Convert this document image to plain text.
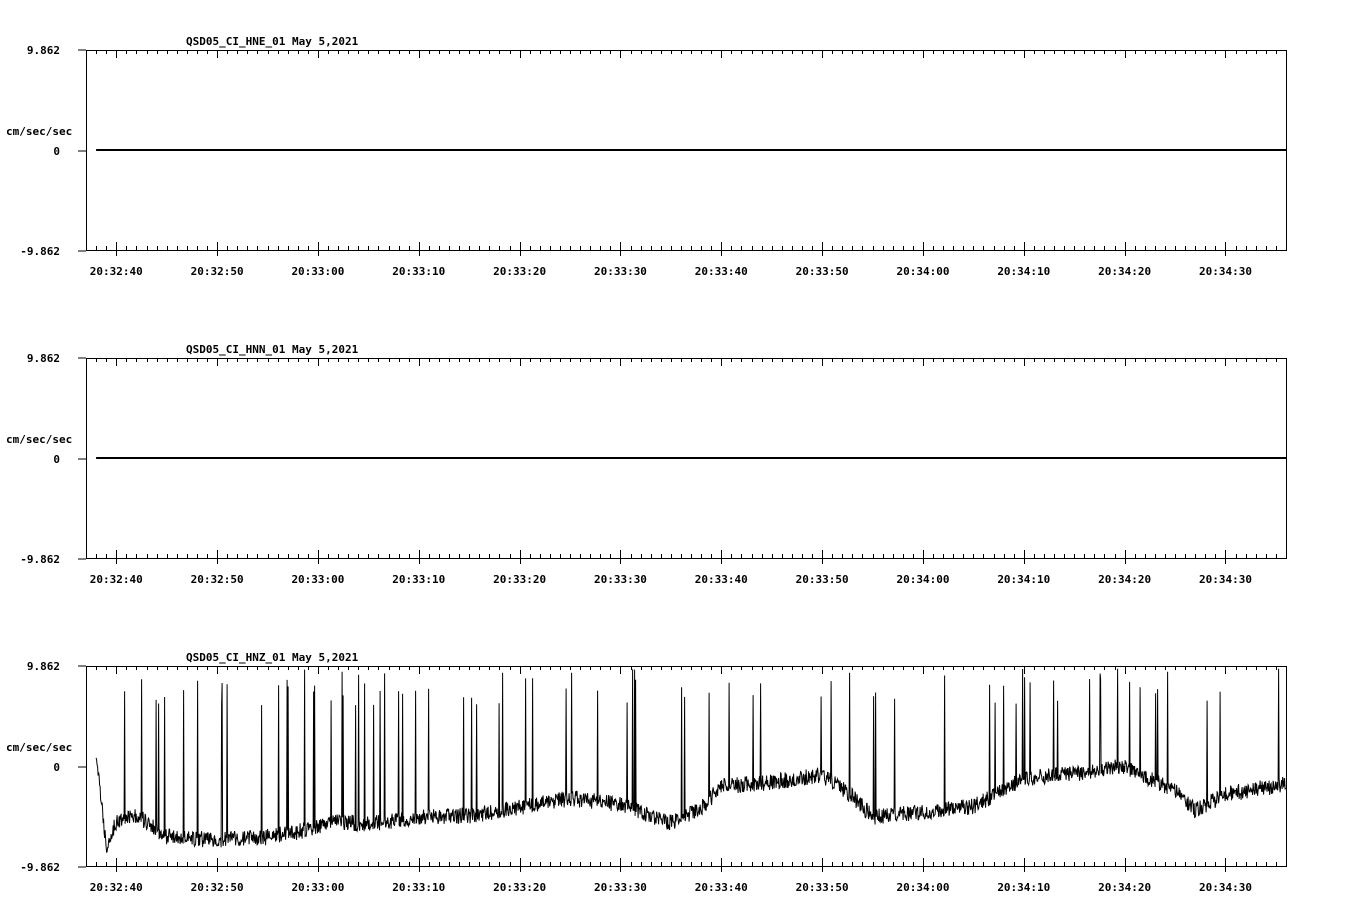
QSD05_CI_HNE_01 May 5,2021
cm/sec/sec
9.862
0
-9.862
20:32:40	20:32:50	20:33:00	20:33:10	20:33:20	20:33:30	20:33:40	20:33:50	20:34:00	20:34:10	20:34:20	20:34:30
QSD05_CI_HNN_01 May 5,2021
cm/sec/sec
9.862
0
-9.862
20:32:40	20:32:50	20:33:00	20:33:10	20:33:20	20:33:30	20:33:40	20:33:50	20:34:00	20:34:10	20:34:20	20:34:30
QSD05_CI_HNZ_01 May 5,2021
cm/sec/sec
9.862
0
-9.862
20:32:40	20:32:50	20:33:00	20:33:10	20:33:20	20:33:30	20:33:40	20:33:50	20:34:00	20:34:10	20:34:20	20:34:30
